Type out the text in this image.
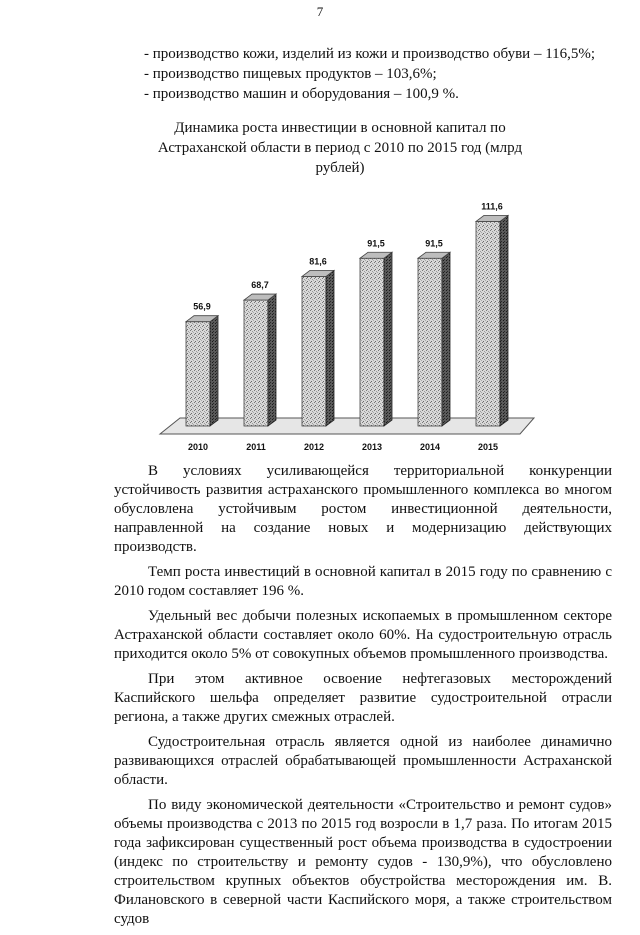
7
- производство кожи, изделий из кожи и производство обуви – 116,5%;
- производство пищевых продуктов – 103,6%;
- производство машин и оборудования – 100,9 %.
Динамика роста инвестиции в основной капитал по Астраханской области в период с 2010 по 2015 год (млрд рублей)
56,9
68,7
81,6
91,5	91,5
111,6
2010	2011	2012	2013	2014	2015

В условиях усиливающейся территориальной конкуренции устойчивость развития астраханского промышленного комплекса во многом обусловлена устойчивым ростом инвестиционной деятельности, направленной на создание новых и модернизацию действующих производств.

Темп роста инвестиций в основной капитал в 2015 году по сравнению с 2010 годом составляет 196 %.

Удельный вес добычи полезных ископаемых в промышленном секторе Астраханской области составляет около 60%. На судостроительную отрасль приходится около 5% от совокупных объемов промышленного производства.

При этом активное освоение нефтегазовых месторождений Каспийского шельфа определяет развитие судостроительной отрасли региона, а также других смежных отраслей.

Судостроительная отрасль является одной из наиболее динамично развивающихся отраслей обрабатывающей промышленности Астраханской области.

По виду экономической деятельности «Строительство и ремонт судов» объемы производства с 2013 по 2015 год возросли в 1,7 раза. По итогам 2015 года зафиксирован существенный рост объема производства в судостроении (индекс по строительству и ремонту судов - 130,9%), что обусловлено строительством крупных объектов обустройства месторождения им. В. Филановского в северной части Каспийского моря, а также строительством судов
